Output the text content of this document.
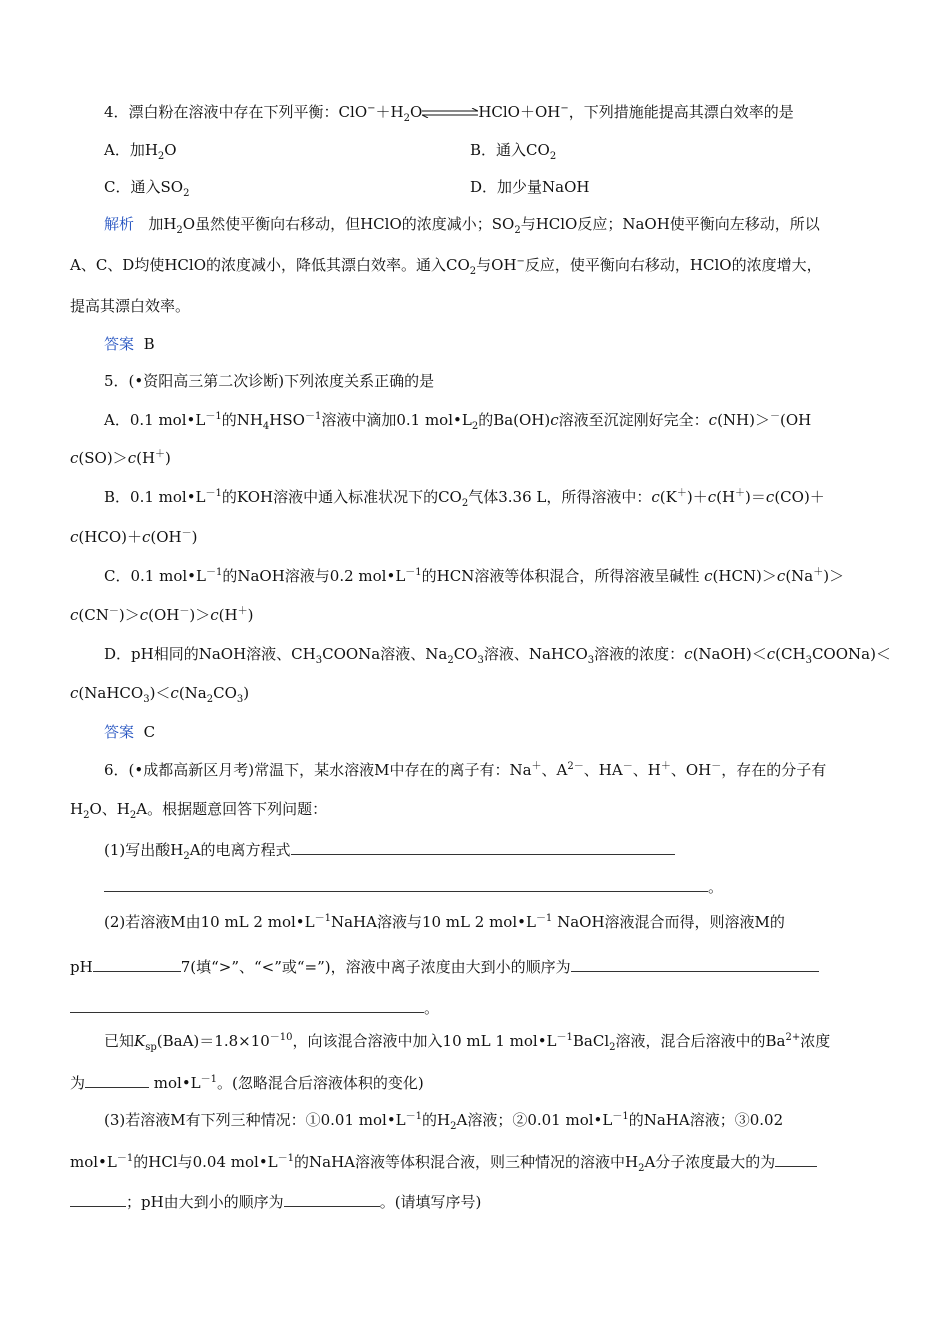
4．漂白粉在溶液中存在下列平衡：$ClO^-+H_2O\rightleftharpoons HClO+OH^-$，下列措施能提高其漂白效率的是
A．加$H_2O$	B．通入$CO_2$
C．通入$SO_2$	D．加少量NaOH
解析 加$H_2O$虽然使平衡向右移动，但HClO的浓度减小；$SO_2$与HClO反应；NaOH使平衡向左移动，所以
A、C、D均使HClO的浓度减小，降低其漂白效率。通入$CO_2$与OH−反应，使平衡向右移动，HClO的浓度增大，
提高其漂白效率。
答案 B
5．(•资阳高三第二次诊断)下列浓度关系正确的是
A．0.1 $mol•L^{-1}$的$NH_4HSO^{-1}$溶液中滴加0.1 $mol•L_2$的Ba(OH)c溶液至沉淀刚好完全：c(NH)＞－(OH
c(SO)＞c(H＋)
B．0.1 $mol•L^{-1}$的KOH溶液中通入标准状况下的$CO_2$气体3.36 L，所得溶液中：c(K＋)＋c(H＋)＝c(CO)＋
c(HCO)＋c(OH－)
C．0.1 $mol•L^{-1}$的NaOH溶液与0.2 $mol•L^{-1}$的HCN溶液等体积混合，所得溶液呈碱性 c(HCN)＞c(Na＋)＞
c(CN－)＞c(OH－)＞c(H＋)
D．pH相同的NaOH溶液、$CH_3COONa$溶液、$Na_2CO_3$溶液、NaHCO$_3$溶液的浓度：$c(NaOH)<c(CH_3COONa)<$
$c(NaHCO_3)<c(Na_2CO_3)$
答案 C
6．(•成都高新区月考)常温下，某水溶液M中存在的离子有：Na＋、$A^{2-}$、HA－、H＋、OH－，存在的分子有
$H_2O$、$H_2A$。根据题意回答下列问题：
(1)写出酸$H_2A$的电离方程式
。
(2)若溶液M由10 mL 2 $mol•L^{-1}NaHA$溶液与10 mL 2 $mol•L^{-1}$ NaOH溶液混合而得，则溶液M的
pH	7(填“>”、“<”或“=”)，溶液中离子浓度由大到小的顺序为
。
已知$K_{sp}(BaA)=1.8\times 10^{-10}$，向该混合溶液中加入10 mL 1 $mol•L^{-1}BaCl_2$溶液，混合后溶液中的$Ba^{2+}$浓度
为	$mol•L^{-1}$。(忽略混合后溶液体积的变化)
(3)若溶液M有下列三种情况：①0.01 $mol•L^{-1}$的$H_2A$溶液；②0.01 $mol•L^{-1}$的NaHA溶液；③0.02
$mol•L^{-1}$的HCl与0.04 $mol•L^{-1}$的NaHA溶液等体积混合液，则三种情况的溶液中$H_2A$分子浓度最大的为
；pH由大到小的顺序为	。(请填写序号)
